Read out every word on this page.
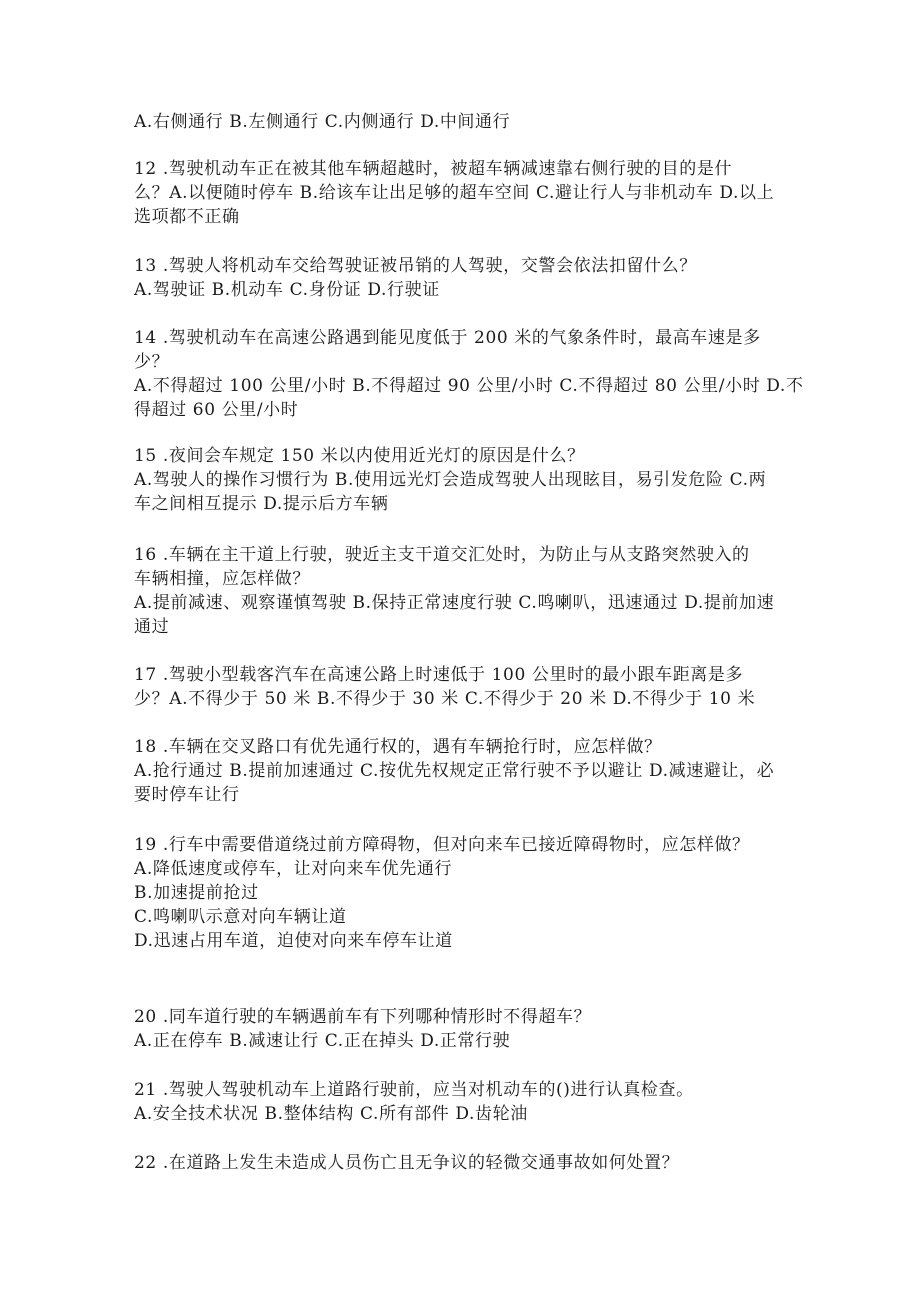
A.右侧通行 B.左侧通行 C.内侧通行 D.中间通行
12 .驾驶机动车正在被其他车辆超越时，被超车辆减速靠右侧行驶的目的是什
么？A.以便随时停车 B.给该车让出足够的超车空间 C.避让行人与非机动车 D.以上
选项都不正确
13 .驾驶人将机动车交给驾驶证被吊销的人驾驶，交警会依法扣留什么？
A.驾驶证 B.机动车 C.身份证 D.行驶证
14 .驾驶机动车在高速公路遇到能见度低于 200 米的气象条件时，最高车速是多
少？
A.不得超过 100 公里/小时 B.不得超过 90 公里/小时 C.不得超过 80 公里/小时 D.不
得超过 60 公里/小时
15 .夜间会车规定 150 米以内使用近光灯的原因是什么？
A.驾驶人的操作习惯行为 B.使用远光灯会造成驾驶人出现眩目，易引发危险 C.两
车之间相互提示 D.提示后方车辆
16 .车辆在主干道上行驶，驶近主支干道交汇处时，为防止与从支路突然驶入的
车辆相撞，应怎样做？
A.提前减速、观察谨慎驾驶 B.保持正常速度行驶 C.鸣喇叭，迅速通过 D.提前加速
通过
17 .驾驶小型载客汽车在高速公路上时速低于 100 公里时的最小跟车距离是多
少？A.不得少于 50 米 B.不得少于 30 米 C.不得少于 20 米 D.不得少于 10 米
18 .车辆在交叉路口有优先通行权的，遇有车辆抢行时，应怎样做？
A.抢行通过 B.提前加速通过 C.按优先权规定正常行驶不予以避让 D.减速避让，必
要时停车让行
19 .行车中需要借道绕过前方障碍物，但对向来车已接近障碍物时，应怎样做？
A.降低速度或停车，让对向来车优先通行
B.加速提前抢过
C.鸣喇叭示意对向车辆让道
D.迅速占用车道，迫使对向来车停车让道
20 .同车道行驶的车辆遇前车有下列哪种情形时不得超车？
A.正在停车 B.减速让行 C.正在掉头 D.正常行驶
21 .驾驶人驾驶机动车上道路行驶前，应当对机动车的()进行认真检查。
A.安全技术状况 B.整体结构 C.所有部件 D.齿轮油
22 .在道路上发生未造成人员伤亡且无争议的轻微交通事故如何处置？
